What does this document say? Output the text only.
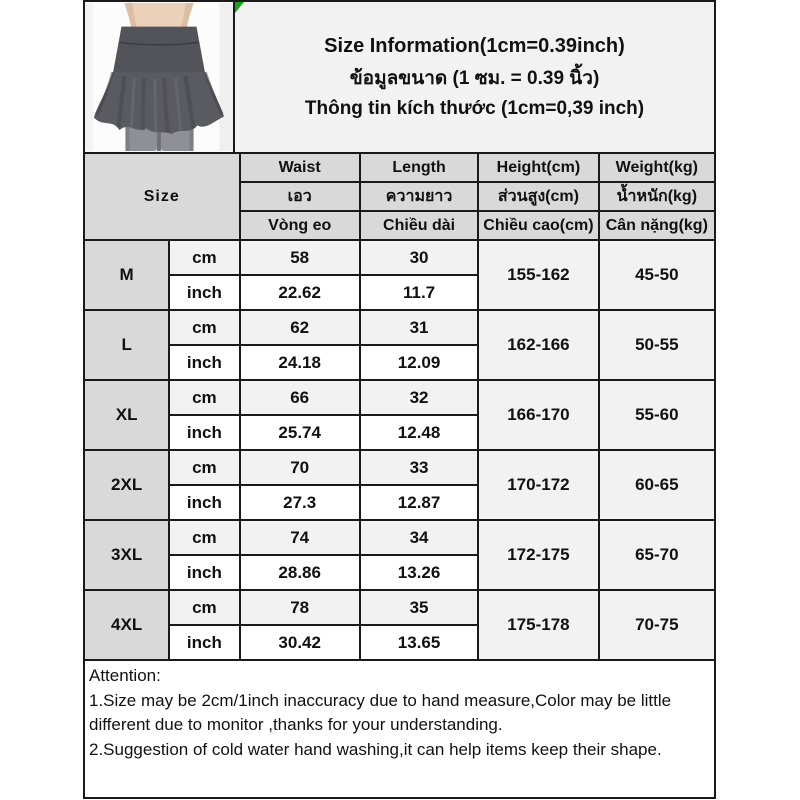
Size Information(1cm=0.39inch)
ข้อมูลขนาด (1 ซม. = 0.39 นิ้ว)
Thông tin kích thước (1cm=0,39 inch)
Size		Waist	Length	Height(cm)	Weight(kg)
		เอว	ความยาว	ส่วนสูง(cm)	น้ำหนัก(kg)
		Vòng eo	Chiều dài	Chiều cao(cm)	Cân nặng(kg)
M	cm	58	30	155-162	45-50
	inch	22.62	11.7		
L	cm	62	31	162-166	50-55
	inch	24.18	12.09		
XL	cm	66	32	166-170	55-60
	inch	25.74	12.48		
2XL	cm	70	33	170-172	60-65
	inch	27.3	12.87		
3XL	cm	74	34	172-175	65-70
	inch	28.86	13.26		
4XL	cm	78	35	175-178	70-75
	inch	30.42	13.65		
Attention:
1.Size may be 2cm/1inch inaccuracy due to hand measure,Color may be little different due to monitor ,thanks for your understanding.
2.Suggestion of cold water hand washing,it can help items keep their shape.
